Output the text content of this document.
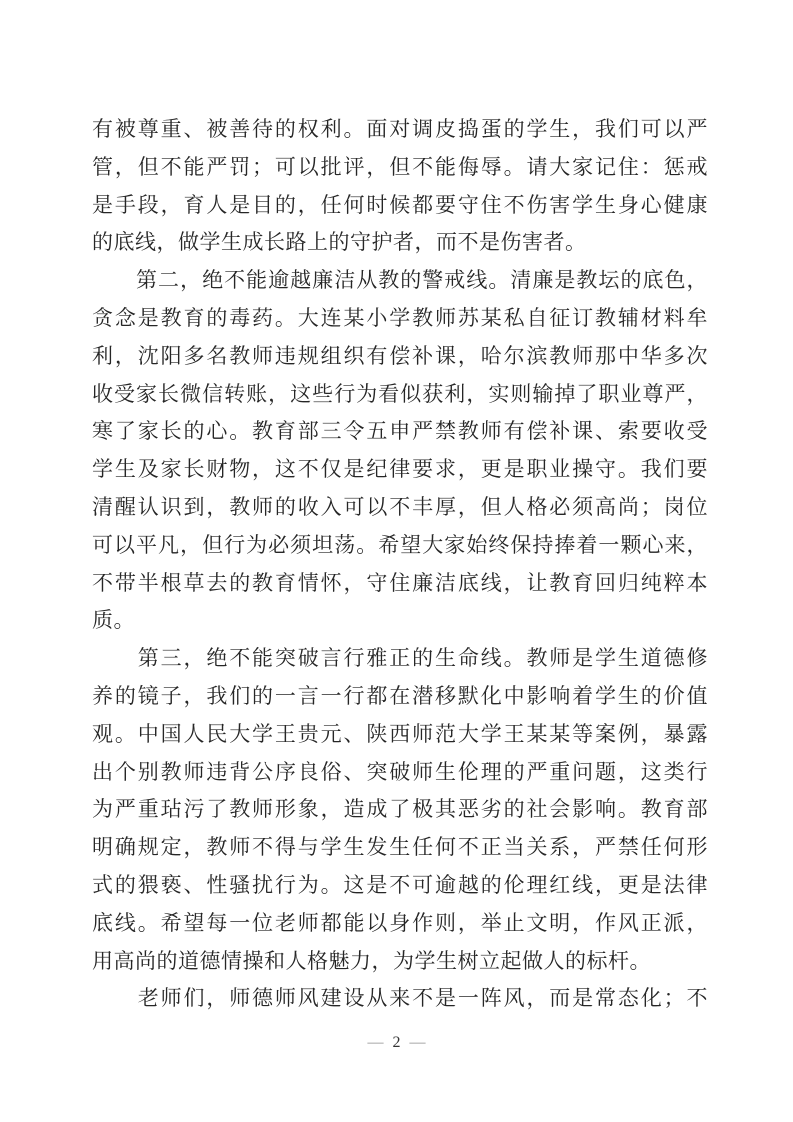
有被尊重、被善待的权利。面对调皮捣蛋的学生，我们可以严
管，但不能严罚；可以批评，但不能侮辱。请大家记住：惩戒
是手段，育人是目的，任何时候都要守住不伤害学生身心健康
的底线，做学生成长路上的守护者，而不是伤害者。
　　第二，绝不能逾越廉洁从教的警戒线。清廉是教坛的底色，
贪念是教育的毒药。大连某小学教师苏某私自征订教辅材料牟
利，沈阳多名教师违规组织有偿补课，哈尔滨教师那中华多次
收受家长微信转账，这些行为看似获利，实则输掉了职业尊严，
寒了家长的心。教育部三令五申严禁教师有偿补课、索要收受
学生及家长财物，这不仅是纪律要求，更是职业操守。我们要
清醒认识到，教师的收入可以不丰厚，但人格必须高尚；岗位
可以平凡，但行为必须坦荡。希望大家始终保持捧着一颗心来，
不带半根草去的教育情怀，守住廉洁底线，让教育回归纯粹本
质。
　　第三，绝不能突破言行雅正的生命线。教师是学生道德修
养的镜子，我们的一言一行都在潜移默化中影响着学生的价值
观。中国人民大学王贵元、陕西师范大学王某某等案例，暴露
出个别教师违背公序良俗、突破师生伦理的严重问题，这类行
为严重玷污了教师形象，造成了极其恶劣的社会影响。教育部
明确规定，教师不得与学生发生任何不正当关系，严禁任何形
式的猥亵、性骚扰行为。这是不可逾越的伦理红线，更是法律
底线。希望每一位老师都能以身作则，举止文明，作风正派，
用高尚的道德情操和人格魅力，为学生树立起做人的标杆。
　　老师们，师德师风建设从来不是一阵风，而是常态化；不
— 2 —
